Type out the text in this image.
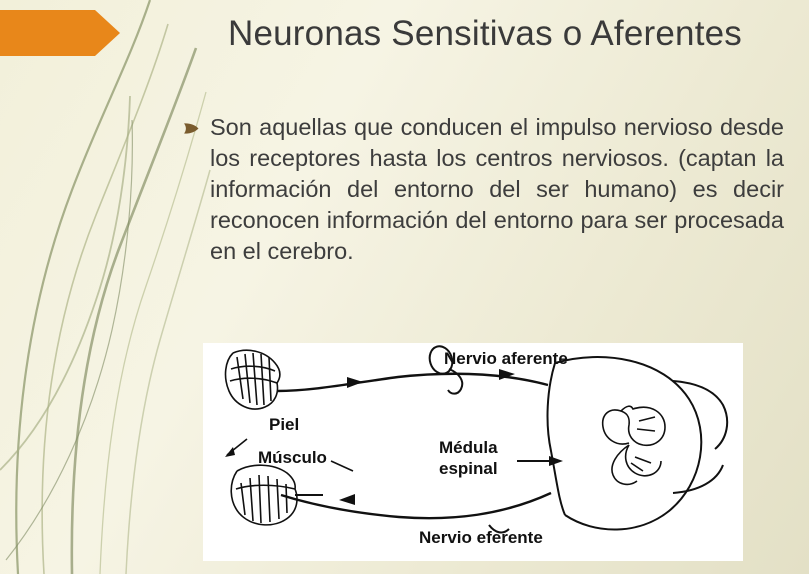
Neuronas Sensitivas o Aferentes
Son aquellas que conducen el impulso nervioso desde los receptores hasta los centros nerviosos. (captan la información del entorno del ser humano) es decir reconocen información del entorno para ser procesada en el cerebro.
Nervio aferente
Piel
Músculo
Médula
espinal
Nervio eferente
